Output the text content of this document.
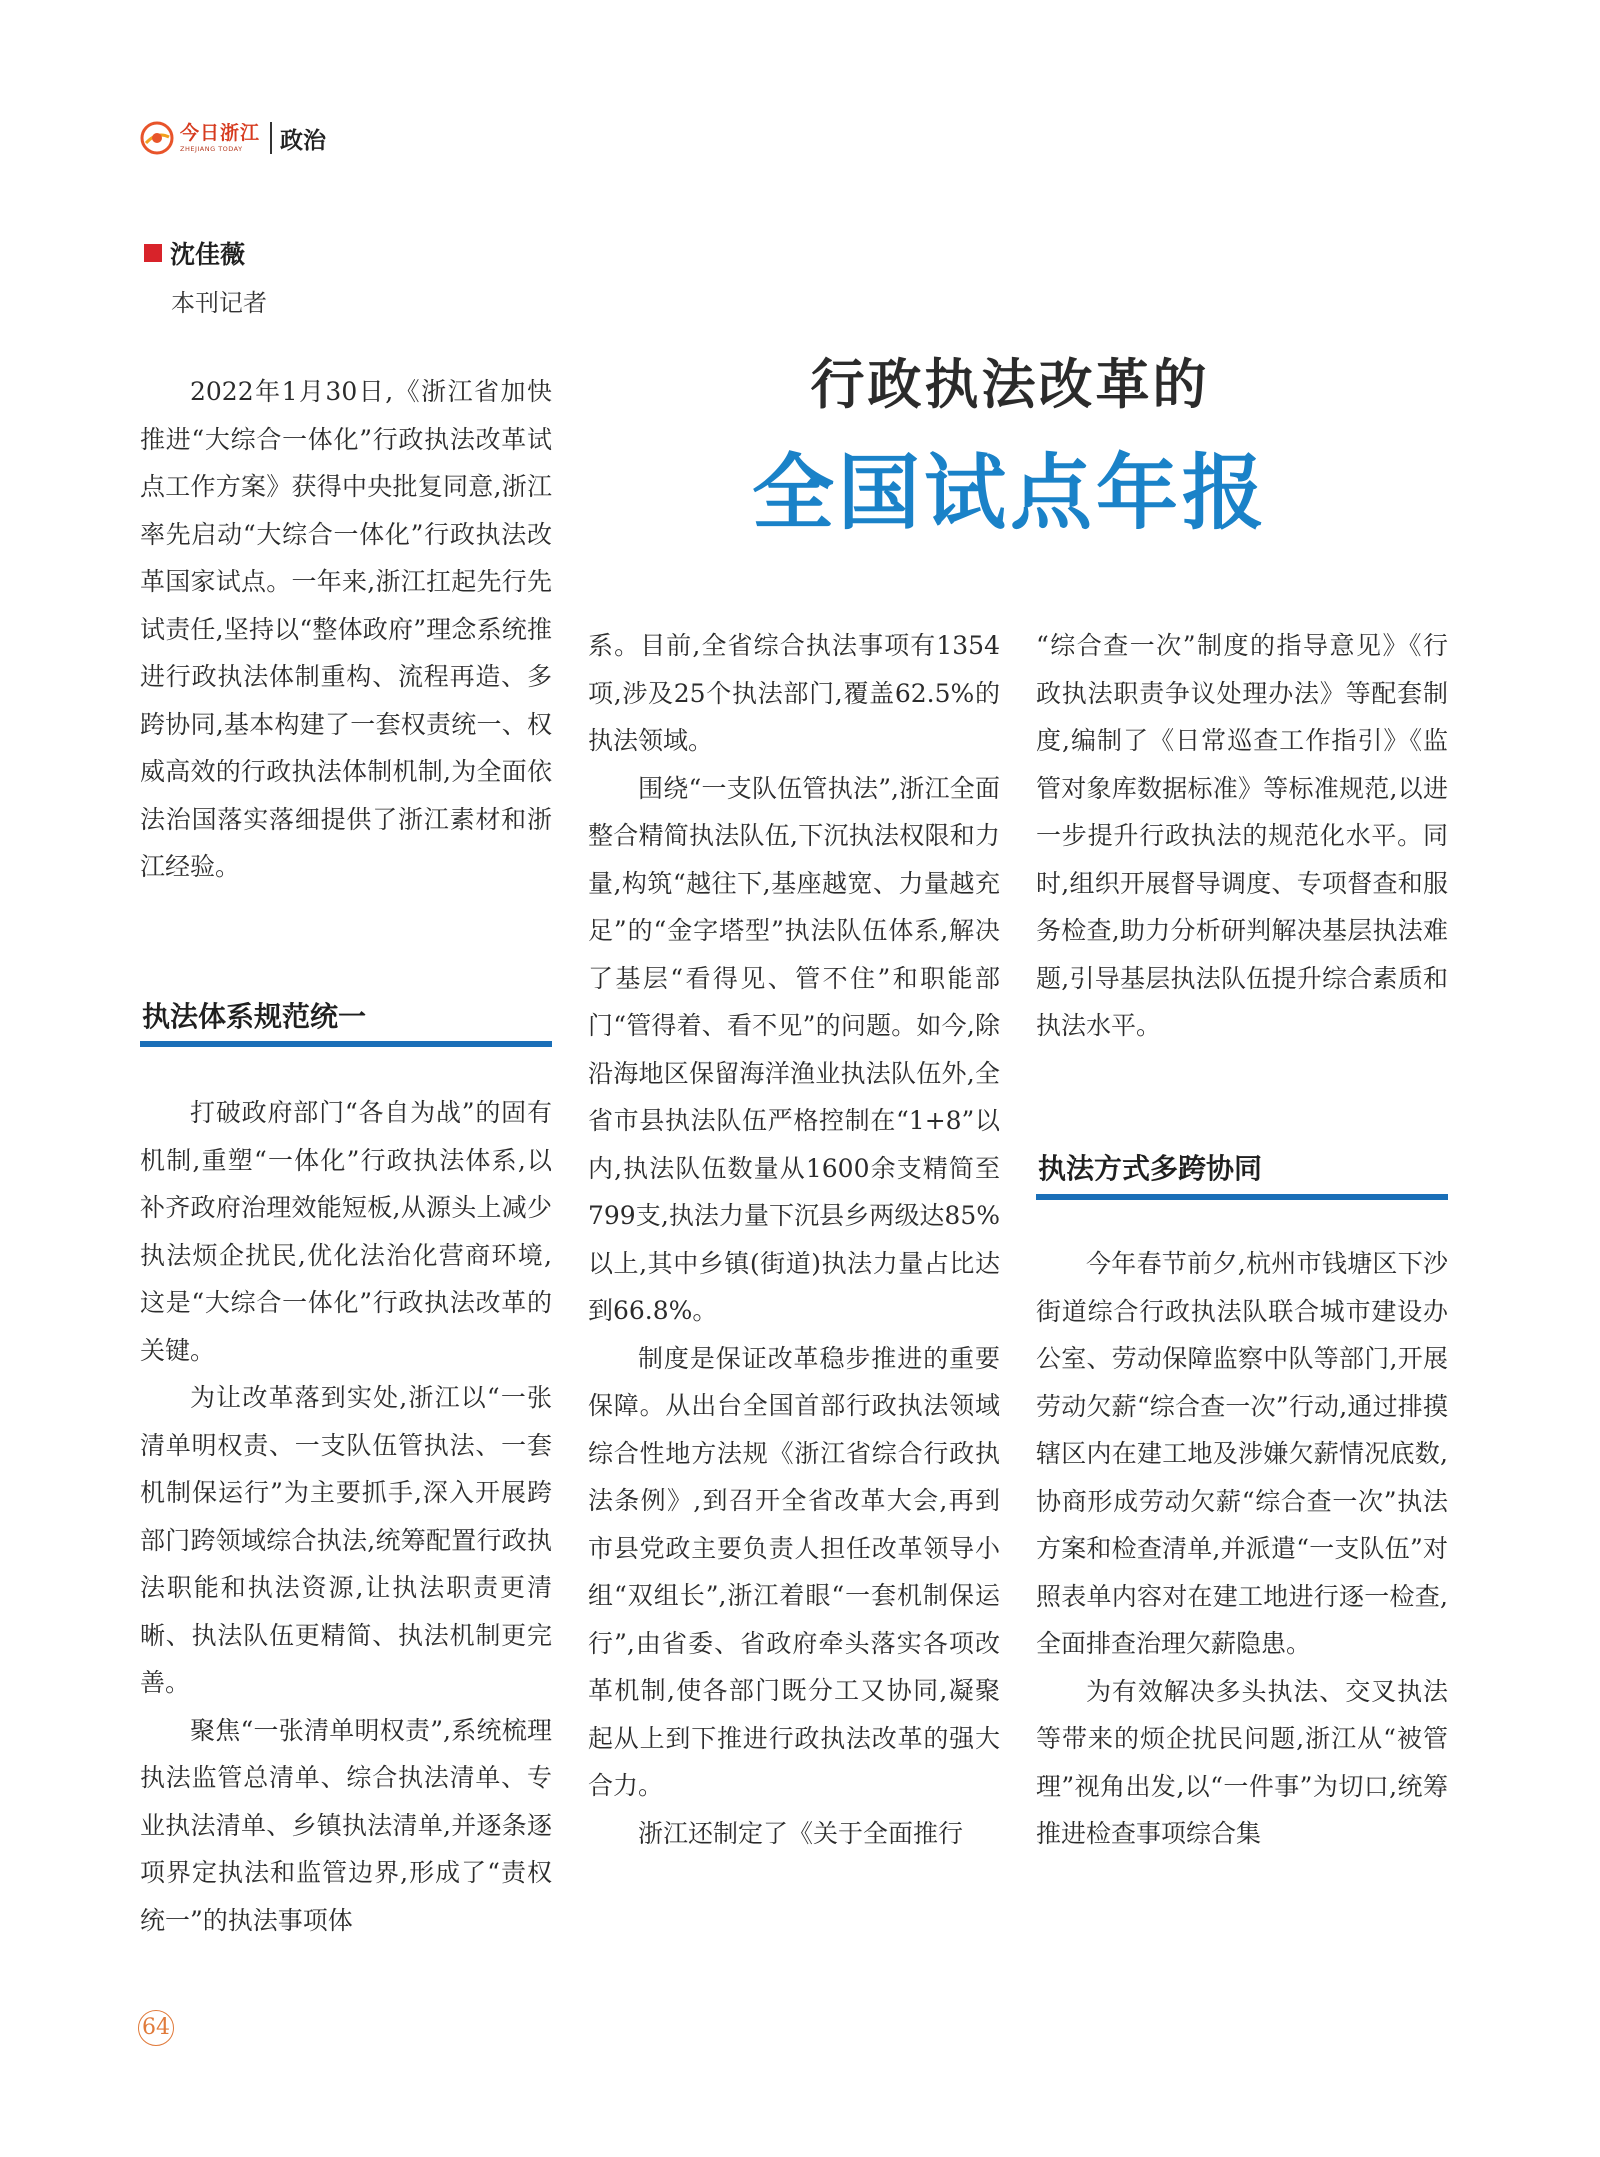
今日浙江
ZHEJIANG TODAY	政治
沈佳薇
本刊记者
行政执法改革的
全国试点年报

2022年1月30日,《浙江省加快推进“大综合一体化”行政执法改革试点工作方案》获得中央批复同意,浙江率先启动“大综合一体化”行政执法改革国家试点。一年来,浙江扛起先行先试责任,坚持以“整体政府”理念系统推进行政执法体制重构、流程再造、多跨协同,基本构建了一套权责统一、权威高效的行政执法体制机制,为全面依法治国落实落细提供了浙江素材和浙江经验。

执法体系规范统一

打破政府部门“各自为战”的固有机制,重塑“一体化”行政执法体系,以补齐政府治理效能短板,从源头上减少执法烦企扰民,优化法治化营商环境,这是“大综合一体化”行政执法改革的关键。

为让改革落到实处,浙江以“一张清单明权责、一支队伍管执法、一套机制保运行”为主要抓手,深入开展跨部门跨领域综合执法,统筹配置行政执法职能和执法资源,让执法职责更清晰、执法队伍更精简、执法机制更完善。

聚焦“一张清单明权责”,系统梳理执法监管总清单、综合执法清单、专业执法清单、乡镇执法清单,并逐条逐项界定执法和监管边界,形成了“责权统一”的执法事项体

系。目前,全省综合执法事项有1354项,涉及25个执法部门,覆盖62.5%的执法领域。

围绕“一支队伍管执法”,浙江全面整合精简执法队伍,下沉执法权限和力量,构筑“越往下,基座越宽、力量越充足”的“金字塔型”执法队伍体系,解决了基层“看得见、管不住”和职能部门“管得着、看不见”的问题。如今,除沿海地区保留海洋渔业执法队伍外,全省市县执法队伍严格控制在“1+8”以内,执法队伍数量从1600余支精简至799支,执法力量下沉县乡两级达85%以上,其中乡镇(街道)执法力量占比达到66.8%。

制度是保证改革稳步推进的重要保障。从出台全国首部行政执法领域综合性地方法规《浙江省综合行政执法条例》,到召开全省改革大会,再到市县党政主要负责人担任改革领导小组“双组长”,浙江着眼“一套机制保运行”,由省委、省政府牵头落实各项改革机制,使各部门既分工又协同,凝聚起从上到下推进行政执法改革的强大合力。

浙江还制定了《关于全面推行

“综合查一次”制度的指导意见》《行政执法职责争议处理办法》等配套制度,编制了《日常巡查工作指引》《监管对象库数据标准》等标准规范,以进一步提升行政执法的规范化水平。同时,组织开展督导调度、专项督查和服务检查,助力分析研判解决基层执法难题,引导基层执法队伍提升综合素质和执法水平。

执法方式多跨协同

今年春节前夕,杭州市钱塘区下沙街道综合行政执法队联合城市建设办公室、劳动保障监察中队等部门,开展劳动欠薪“综合查一次”行动,通过排摸辖区内在建工地及涉嫌欠薪情况底数,协商形成劳动欠薪“综合查一次”执法方案和检查清单,并派遣“一支队伍”对照表单内容对在建工地进行逐一检查,全面排查治理欠薪隐患。

为有效解决多头执法、交叉执法等带来的烦企扰民问题,浙江从“被管理”视角出发,以“一件事”为切口,统筹推进检查事项综合集

64
